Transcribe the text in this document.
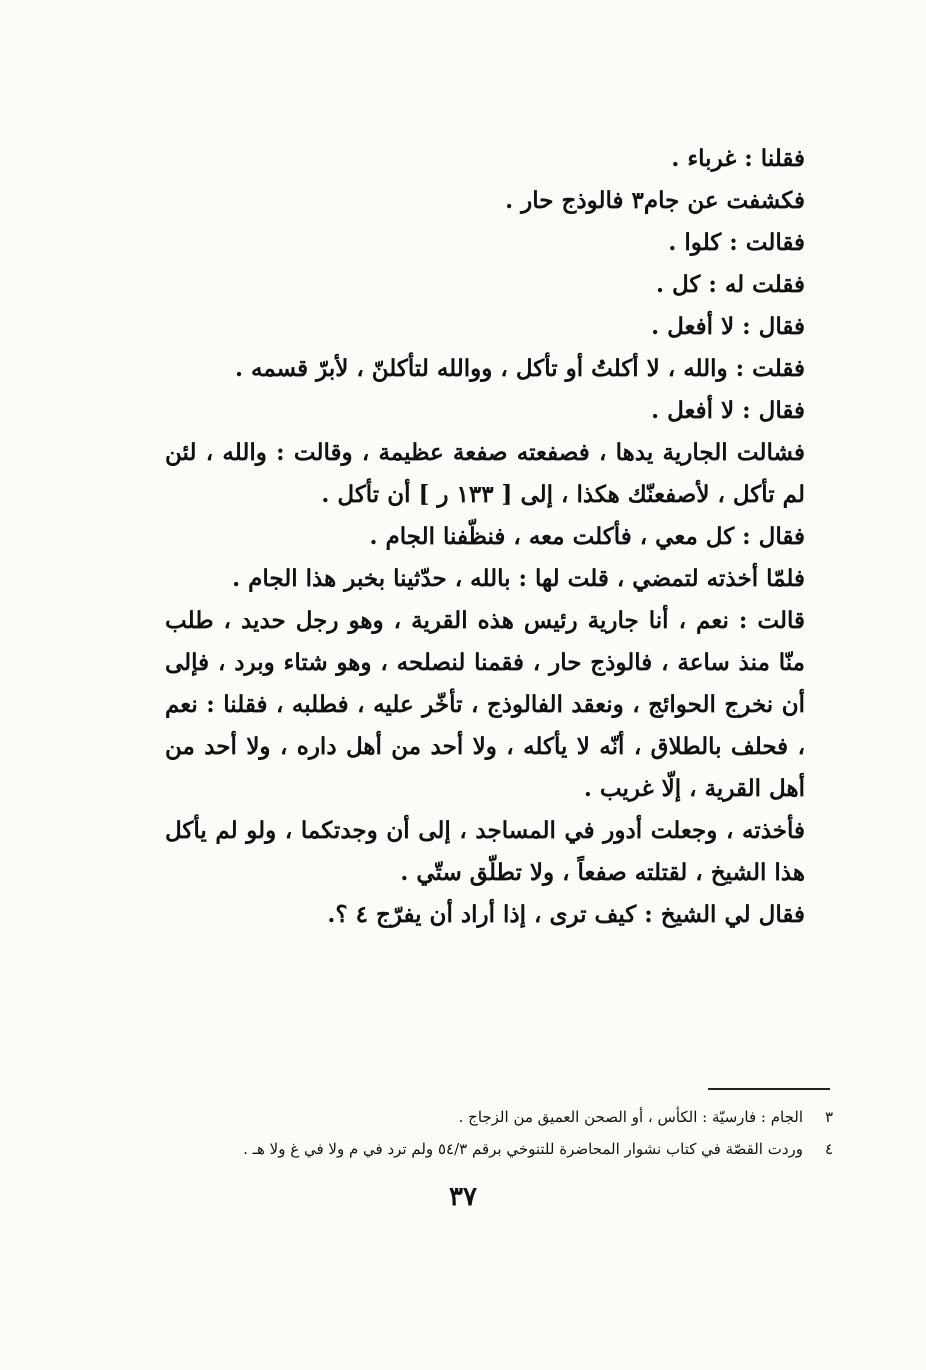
فقلنا : غرباء .

فكشفت عن جام٣ فالوذج حار .

فقالت : كلوا .

فقلت له : كل .

فقال : لا أفعل .

فقلت : والله ، لا أكلتُ أو تأكل ، ووالله لتأكلنّ ، لأبرّ قسمه .

فقال : لا أفعل .

فشالت الجارية يدها ، فصفعته صفعة عظيمة ، وقالت : والله ، لئن لم تأكل ، لأصفعنّك هكذا ، إلى [ ١٣٣ ر ] أن تأكل .

فقال : كل معي ، فأكلت معه ، فنظّفنا الجام .

فلمّا أخذته لتمضي ، قلت لها : بالله ، حدّثينا بخبر هذا الجام .

قالت : نعم ، أنا جارية رئيس هذه القرية ، وهو رجل حديد ، طلب منّا منذ ساعة ، فالوذج حار ، فقمنا لنصلحه ، وهو شتاء وبرد ، فإلى أن نخرج الحوائج ، ونعقد الفالوذج ، تأخّر عليه ، فطلبه ، فقلنا : نعم ، فحلف بالطلاق ، أنّه لا يأكله ، ولا أحد من أهل داره ، ولا أحد من أهل القرية ، إلّا غريب .

فأخذته ، وجعلت أدور في المساجد ، إلى أن وجدتكما ، ولو لم يأكل هذا الشيخ ، لقتلته صفعاً ، ولا تطلّق ستّي .

فقال لي الشيخ : كيف ترى ، إذا أراد أن يفرّج ٤ ؟.

٣
الجام : فارسيّة : الكأس ، أو الصحن العميق من الزجاج .

٤
وردت القصّة في كتاب نشوار المحاضرة للتنوخي برقم ٥٤/٣ ولم ترد في م ولا في غ ولا هـ .

٣٧
